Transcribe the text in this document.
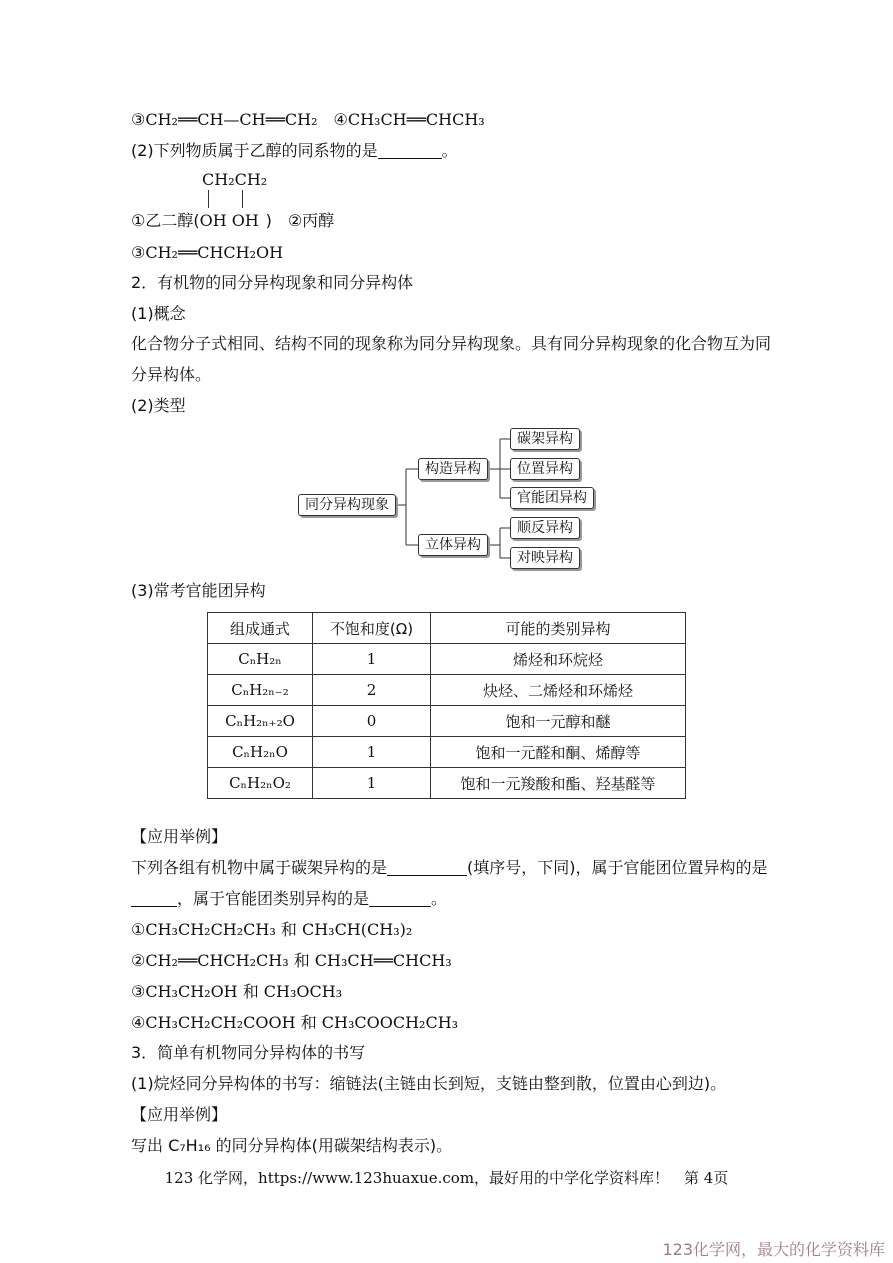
③CH₂══CH—CH══CH₂　④CH₃CH══CHCH₃
(2)下列物质属于乙醇的同系物的是	。
CH₂CH₂
①乙二醇(OH OH )　②丙醇
③CH₂══CHCH₂OH
2．有机物的同分异构现象和同分异构体
(1)概念
化合物分子式相同、结构不同的现象称为同分异构现象。具有同分异构现象的化合物互为同
分异构体。
(2)类型
同分异构现象
构造异构
立体异构
碳架异构
位置异构
官能团异构
顺反异构
对映异构
(3)常考官能团异构
组成通式	不饱和度(Ω)	可能的类别异构
CₙH₂ₙ	1	烯烃和环烷烃
CₙH₂ₙ₋₂	2	炔烃、二烯烃和环烯烃
CₙH₂ₙ₊₂O	0	饱和一元醇和醚
CₙH₂ₙO	1	饱和一元醛和酮、烯醇等
CₙH₂ₙO₂	1	饱和一元羧酸和酯、羟基醛等
【应用举例】
下列各组有机物中属于碳架异构的是	(填序号，下同)，属于官能团位置异构的是
，属于官能团类别异构的是	。
①CH₃CH₂CH₂CH₃ 和 CH₃CH(CH₃)₂
②CH₂══CHCH₂CH₃ 和 CH₃CH══CHCH₃
③CH₃CH₂OH 和 CH₃OCH₃
④CH₃CH₂CH₂COOH 和 CH₃COOCH₂CH₃
3．简单有机物同分异构体的书写
(1)烷烃同分异构体的书写：缩链法(主链由长到短，支链由整到散，位置由心到边)。
【应用举例】
写出 C₇H₁₆ 的同分异构体(用碳架结构表示)。
123 化学网，https://www.123huaxue.com，最好用的中学化学资料库！　第 4页
123化学网，最大的化学资料库
